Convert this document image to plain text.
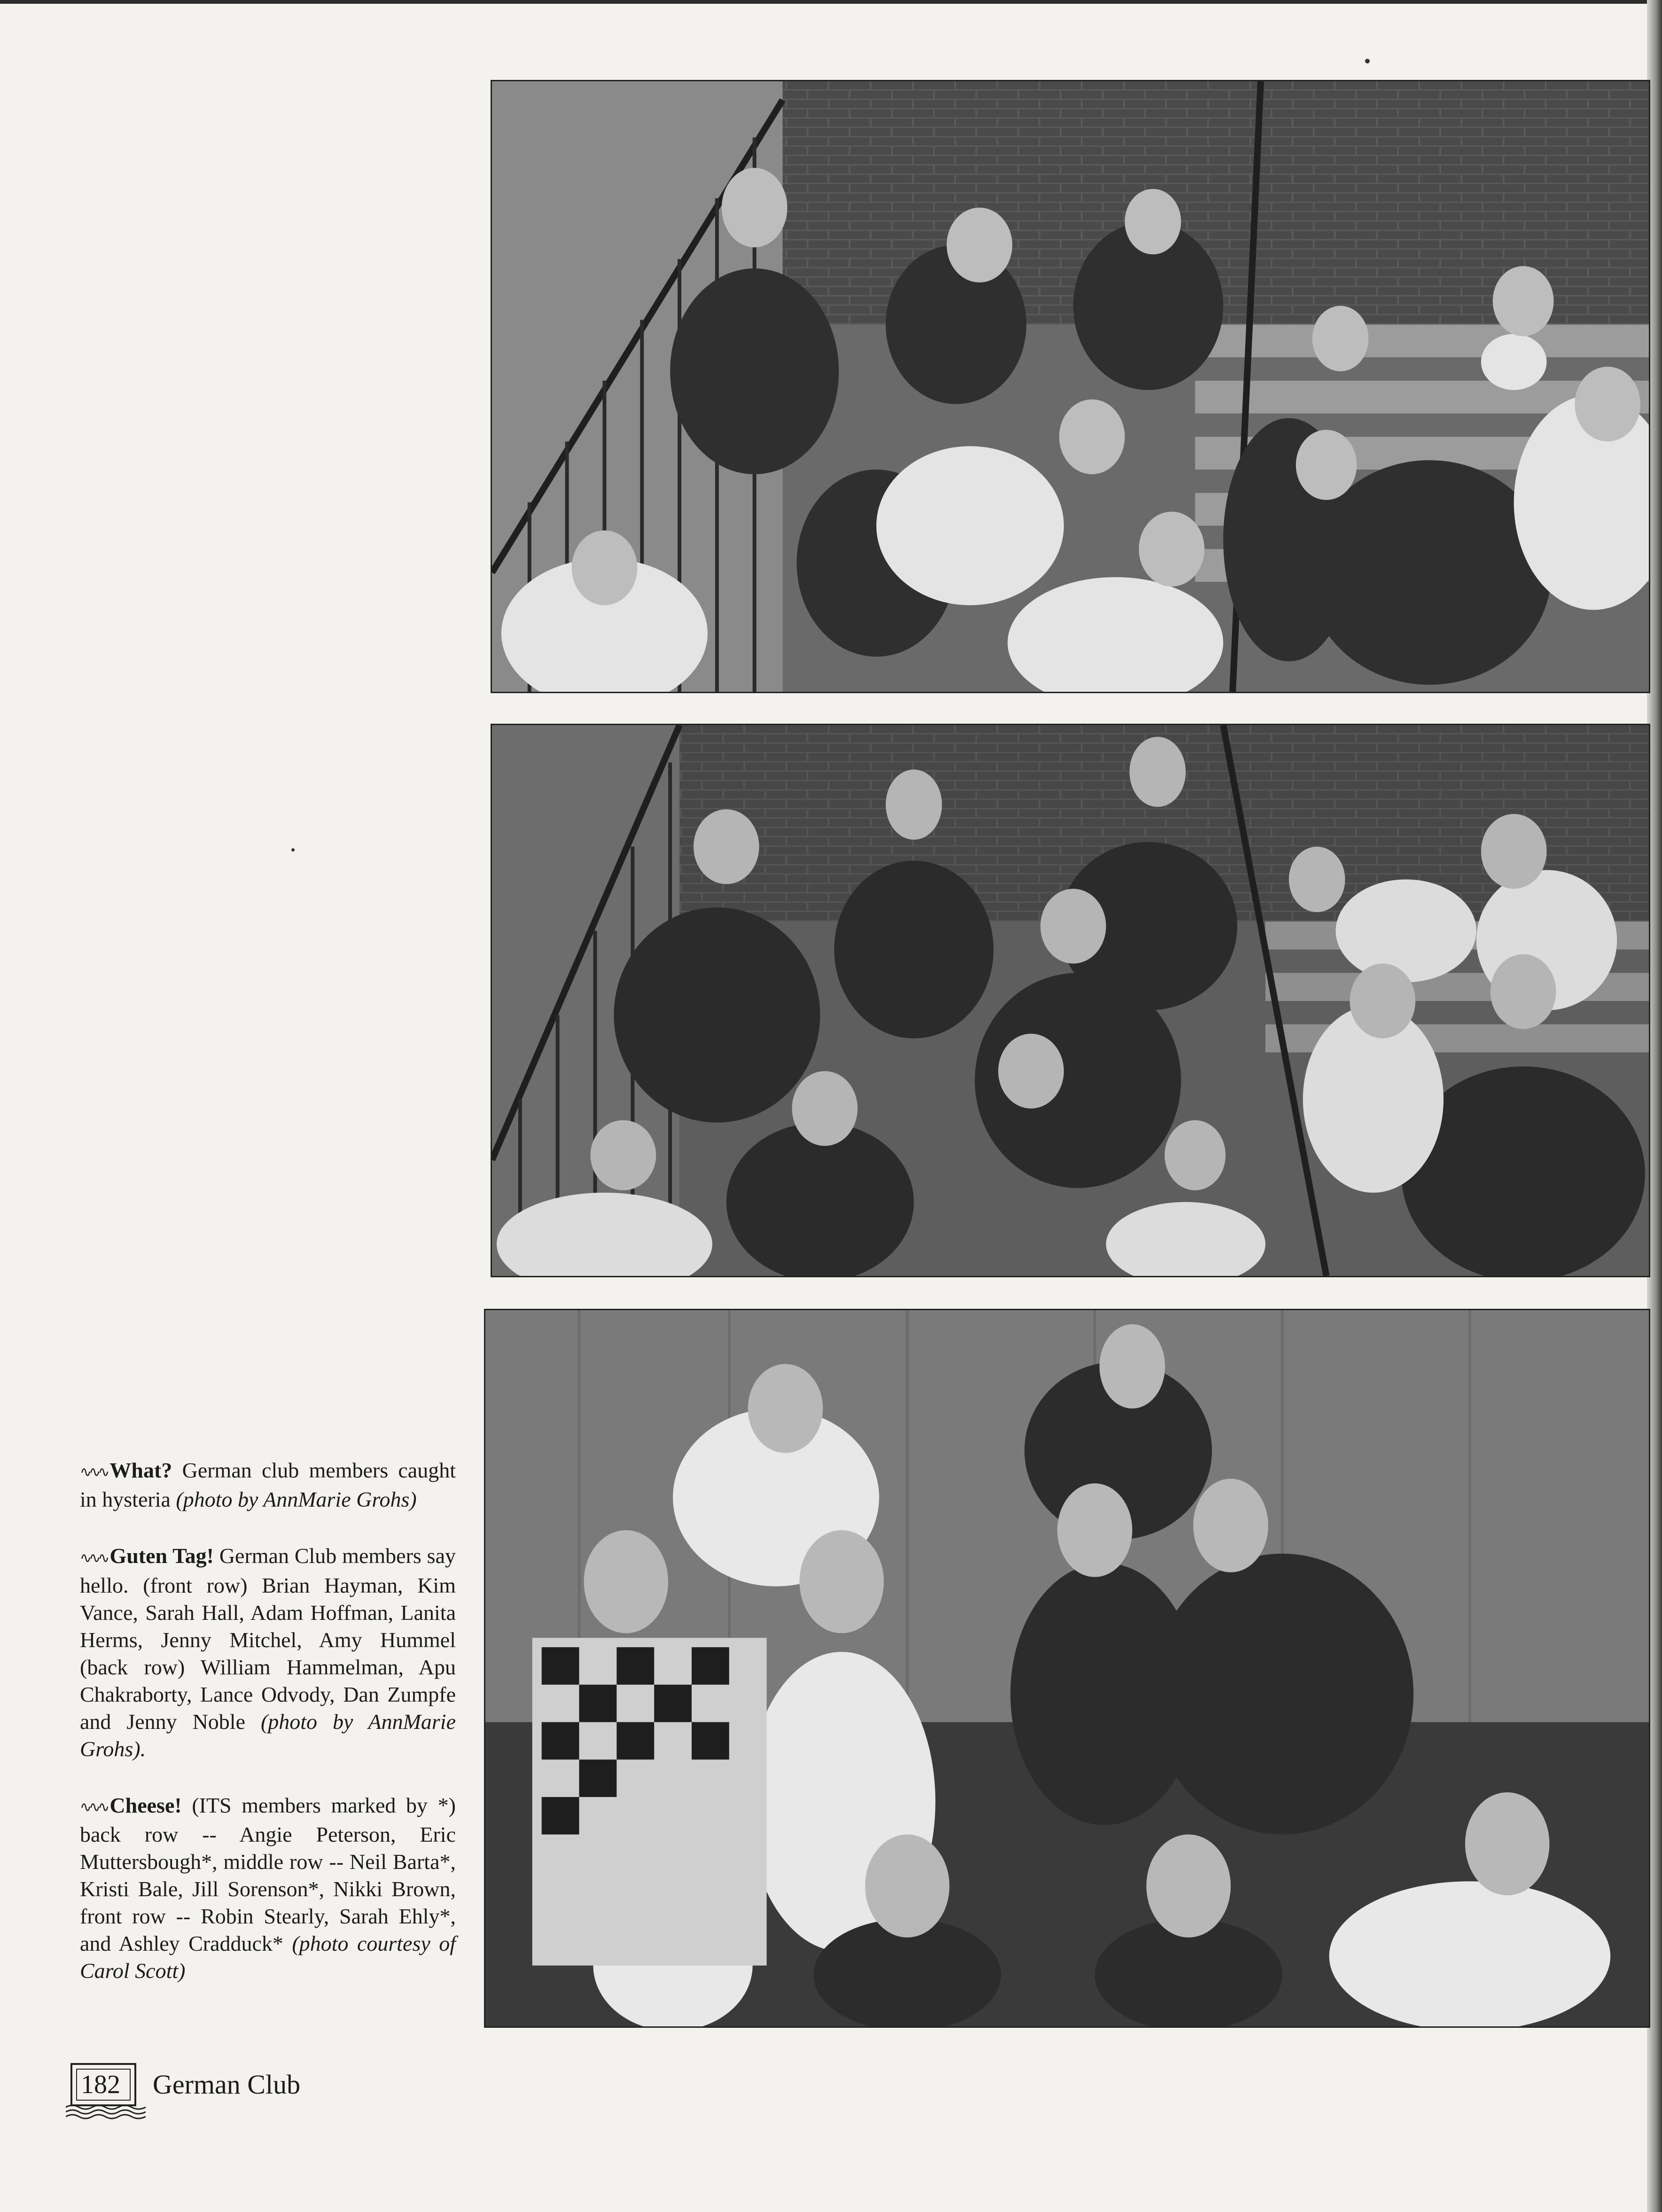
∿∿∿ What? German club members caught in hysteria (photo by AnnMarie Grohs)

∿∿∿ Guten Tag! German Club members say hello. (front row) Brian Hayman, Kim Vance, Sarah Hall, Adam Hoffman, Lanita Herms, Jenny Mitchel, Amy Hummel (back row) William Hammelman, Apu Chakraborty, Lance Odvody, Dan Zumpfe and Jenny Noble (photo by AnnMarie Grohs).

∿∿∿ Cheese! (ITS members marked by *) back row -- Angie Peterson, Eric Muttersbough*, middle row -- Neil Barta*, Kristi Bale, Jill Sorenson*, Nikki Brown, front row -- Robin Stearly, Sarah Ehly*, and Ashley Cradduck* (photo courtesy of Carol Scott)

182 German Club
